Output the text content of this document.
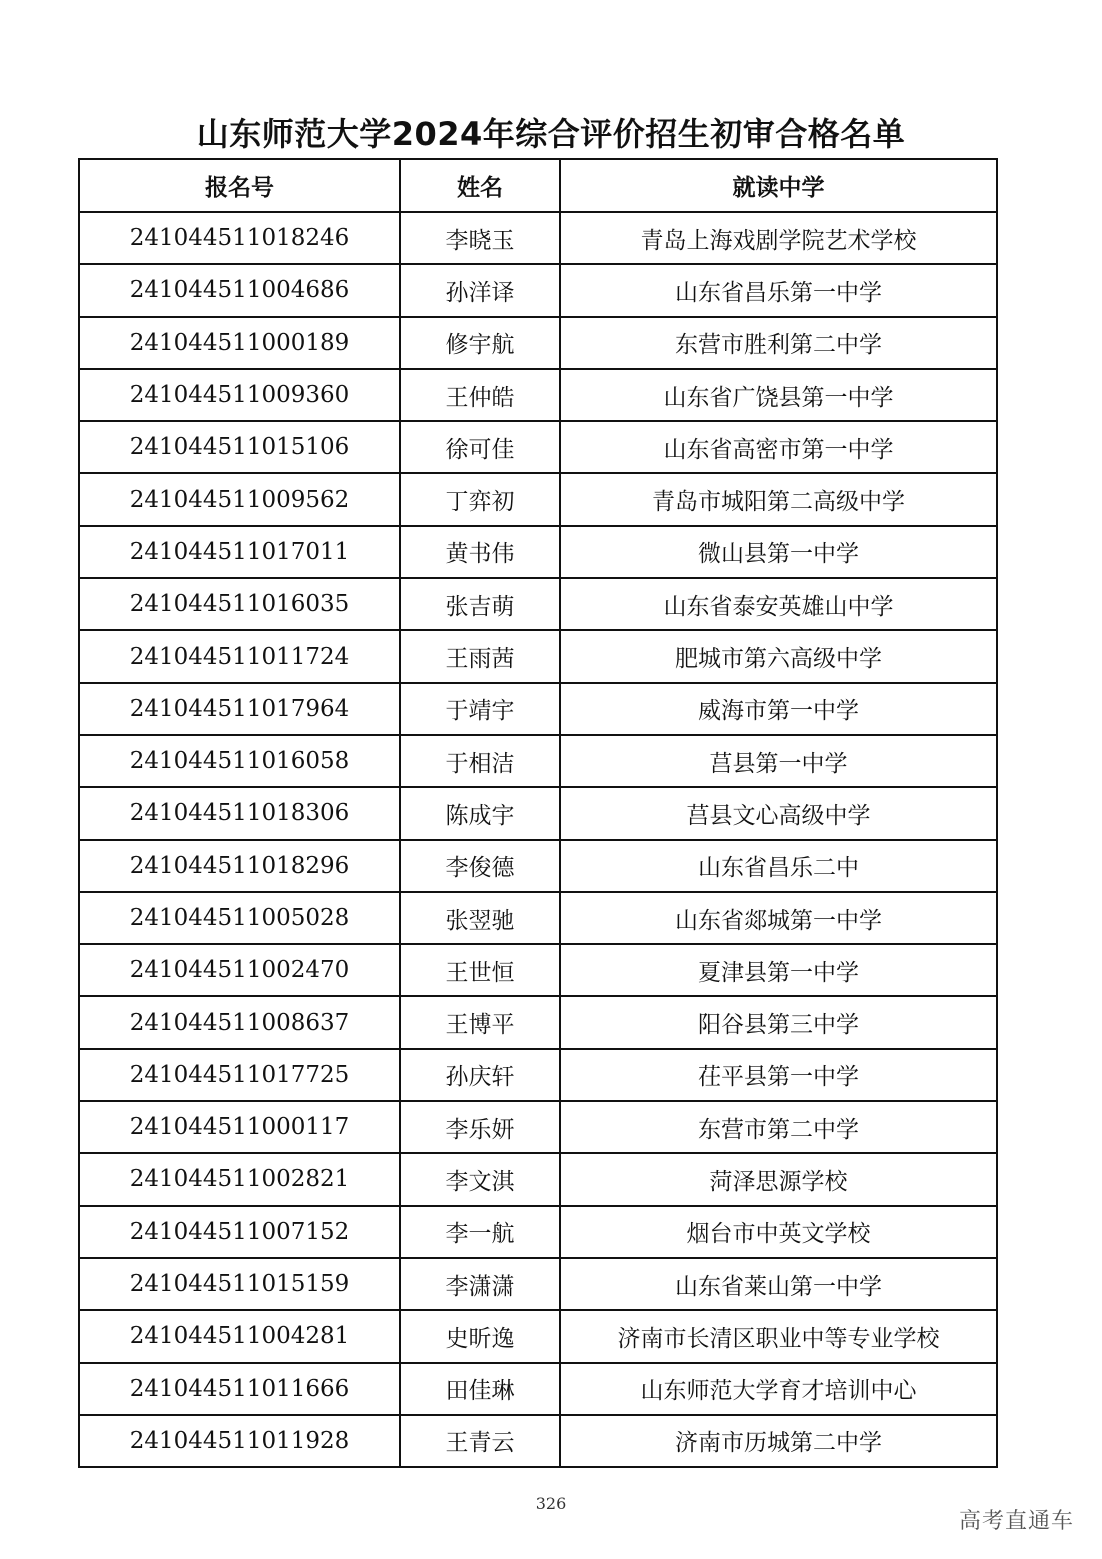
山东师范大学2024年综合评价招生初审合格名单
报名号	姓名	就读中学
241044511018246	李晓玉	青岛上海戏剧学院艺术学校
241044511004686	孙洋译	山东省昌乐第一中学
241044511000189	修宇航	东营市胜利第二中学
241044511009360	王仲皓	山东省广饶县第一中学
241044511015106	徐可佳	山东省高密市第一中学
241044511009562	丁弈初	青岛市城阳第二高级中学
241044511017011	黄书伟	微山县第一中学
241044511016035	张吉萌	山东省泰安英雄山中学
241044511011724	王雨茜	肥城市第六高级中学
241044511017964	于靖宇	威海市第一中学
241044511016058	于相洁	莒县第一中学
241044511018306	陈成宇	莒县文心高级中学
241044511018296	李俊德	山东省昌乐二中
241044511005028	张翌驰	山东省郯城第一中学
241044511002470	王世恒	夏津县第一中学
241044511008637	王博平	阳谷县第三中学
241044511017725	孙庆轩	茌平县第一中学
241044511000117	李乐妍	东营市第二中学
241044511002821	李文淇	菏泽思源学校
241044511007152	李一航	烟台市中英文学校
241044511015159	李潇潇	山东省莱山第一中学
241044511004281	史昕逸	济南市长清区职业中等专业学校
241044511011666	田佳琳	山东师范大学育才培训中心
241044511011928	王青云	济南市历城第二中学
326
高考直通车
